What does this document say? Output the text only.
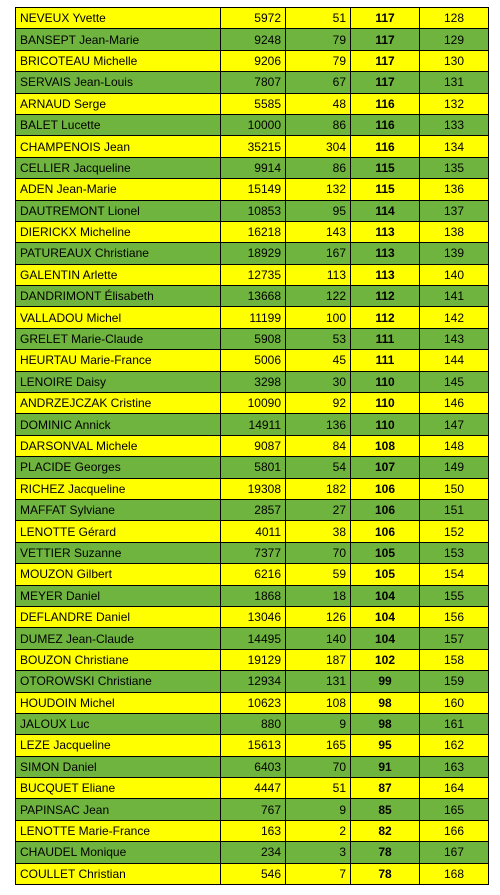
NEVEUX Yvette	5972	51	117	128
BANSEPT Jean-Marie	9248	79	117	129
BRICOTEAU Michelle	9206	79	117	130
SERVAIS Jean-Louis	7807	67	117	131
ARNAUD Serge	5585	48	116	132
BALET Lucette	10000	86	116	133
CHAMPENOIS Jean	35215	304	116	134
CELLIER Jacqueline	9914	86	115	135
ADEN Jean-Marie	15149	132	115	136
DAUTREMONT Lionel	10853	95	114	137
DIERICKX Micheline	16218	143	113	138
PATUREAUX Christiane	18929	167	113	139
GALENTIN Arlette	12735	113	113	140
DANDRIMONT Élisabeth	13668	122	112	141
VALLADOU Michel	11199	100	112	142
GRELET Marie-Claude	5908	53	111	143
HEURTAU Marie-France	5006	45	111	144
LENOIRE Daisy	3298	30	110	145
ANDRZEJCZAK Cristine	10090	92	110	146
DOMINIC Annick	14911	136	110	147
DARSONVAL Michele	9087	84	108	148
PLACIDE Georges	5801	54	107	149
RICHEZ Jacqueline	19308	182	106	150
MAFFAT Sylviane	2857	27	106	151
LENOTTE Gérard	4011	38	106	152
VETTIER Suzanne	7377	70	105	153
MOUZON Gilbert	6216	59	105	154
MEYER Daniel	1868	18	104	155
DEFLANDRE Daniel	13046	126	104	156
DUMEZ Jean-Claude	14495	140	104	157
BOUZON Christiane	19129	187	102	158
OTOROWSKI Christiane	12934	131	99	159
HOUDOIN Michel	10623	108	98	160
JALOUX Luc	880	9	98	161
LEZE Jacqueline	15613	165	95	162
SIMON Daniel	6403	70	91	163
BUCQUET Eliane	4447	51	87	164
PAPINSAC Jean	767	9	85	165
LENOTTE Marie-France	163	2	82	166
CHAUDEL Monique	234	3	78	167
COULLET Christian	546	7	78	168
